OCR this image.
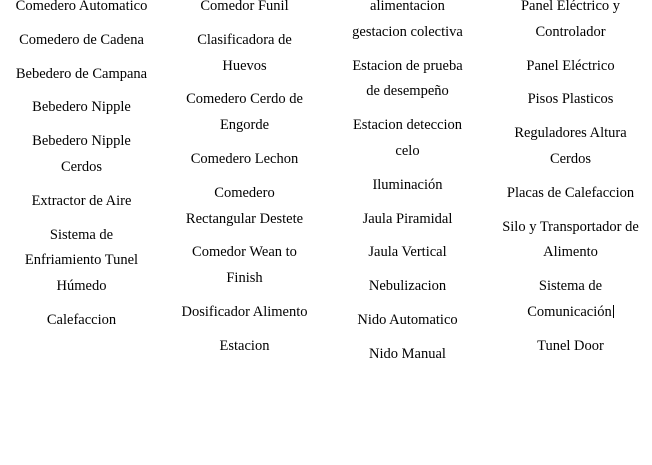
Comedero Automatico
Comedero de Cadena
Bebedero de Campana
Bebedero Nipple
Bebedero Nipple Cerdos
Extractor de Aire
Sistema de Enfriamiento Tunel Húmedo
Calefaccion
Comedor Funil
Clasificadora de Huevos
Comedero Cerdo de Engorde
Comedero Lechon
Comedero Rectangular Destete
Comedor Wean to Finish
Dosificador Alimento
Estacion
alimentacion gestacion colectiva
Estacion de prueba de desempeño
Estacion deteccion celo
Iluminación
Jaula Piramidal
Jaula Vertical
Nebulizacion
Nido Automatico
Nido Manual
Panel Eléctrico y Controlador
Panel Eléctrico
Pisos Plasticos
Reguladores Altura Cerdos
Placas de Calefaccion
Silo y Transportador de Alimento
Sistema de Comunicación
Tunel Door
